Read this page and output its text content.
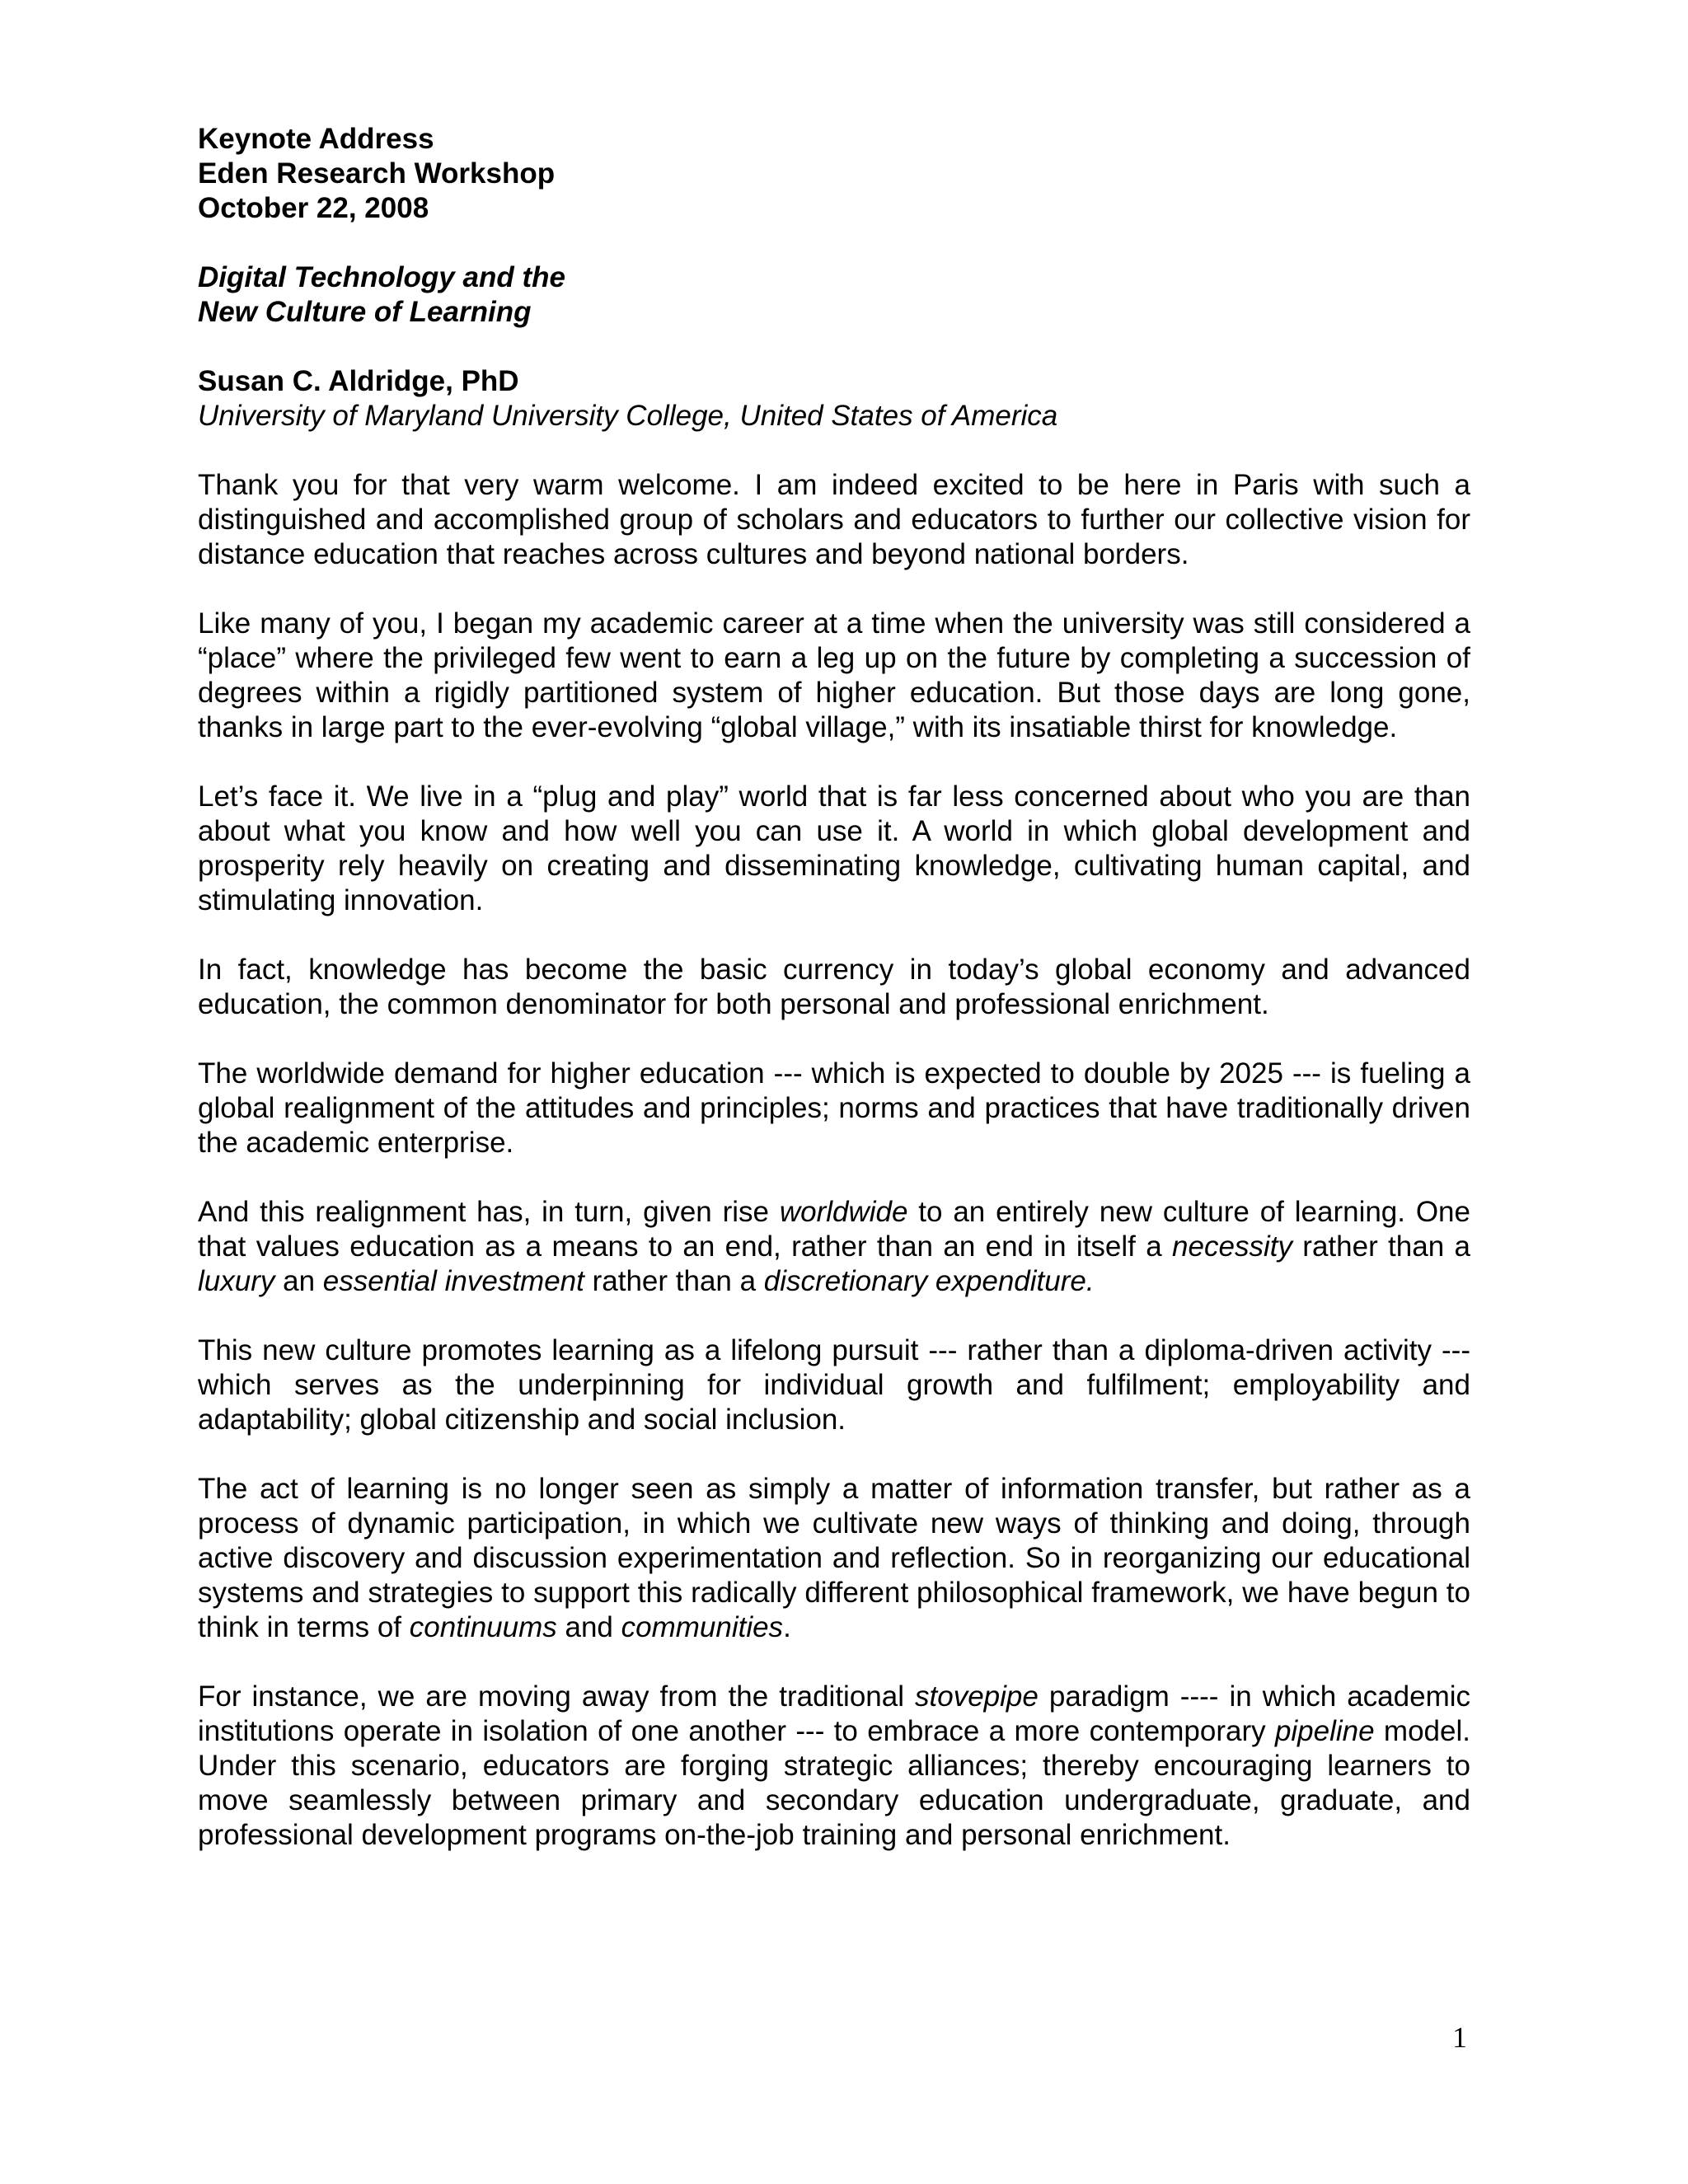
Keynote Address
Eden Research Workshop
October 22, 2008
Digital Technology and the
New Culture of Learning
Susan C. Aldridge, PhD
University of Maryland University College, United States of America

Thank you for that very warm welcome. I am indeed excited to be here in Paris with such a distinguished and accomplished group of scholars and educators to further our collective vision for distance education that reaches across cultures and beyond national borders.

Like many of you, I began my academic career at a time when the university was still considered a “place” where the privileged few went to earn a leg up on the future by completing a succession of degrees within a rigidly partitioned system of higher education. But those days are long gone, thanks in large part to the ever-evolving “global village,” with its insatiable thirst for knowledge.

Let’s face it. We live in a “plug and play” world that is far less concerned about who you are than about what you know and how well you can use it. A world in which global development and prosperity rely heavily on creating and disseminating knowledge, cultivating human capital, and stimulating innovation.

In fact, knowledge has become the basic currency in today’s global economy and advanced education, the common denominator for both personal and professional enrichment.

The worldwide demand for higher education --- which is expected to double by 2025 --- is fueling a global realignment of the attitudes and principles; norms and practices that have traditionally driven the academic enterprise.

And this realignment has, in turn, given rise worldwide to an entirely new culture of learning. One that values education as a means to an end, rather than an end in itself a necessity rather than a luxury an essential investment rather than a discretionary expenditure.

This new culture promotes learning as a lifelong pursuit --- rather than a diploma-driven activity --- which serves as the underpinning for individual growth and fulfilment; employability and adaptability; global citizenship and social inclusion.

The act of learning is no longer seen as simply a matter of information transfer, but rather as a process of dynamic participation, in which we cultivate new ways of thinking and doing, through active discovery and discussion experimentation and reflection. So in reorganizing our educational systems and strategies to support this radically different philosophical framework, we have begun to think in terms of continuums and communities.

For instance, we are moving away from the traditional stovepipe paradigm ---- in which academic institutions operate in isolation of one another --- to embrace a more contemporary pipeline model. Under this scenario, educators are forging strategic alliances; thereby encouraging learners to move seamlessly between primary and secondary education undergraduate, graduate, and professional development programs on-the-job training and personal enrichment.

1
